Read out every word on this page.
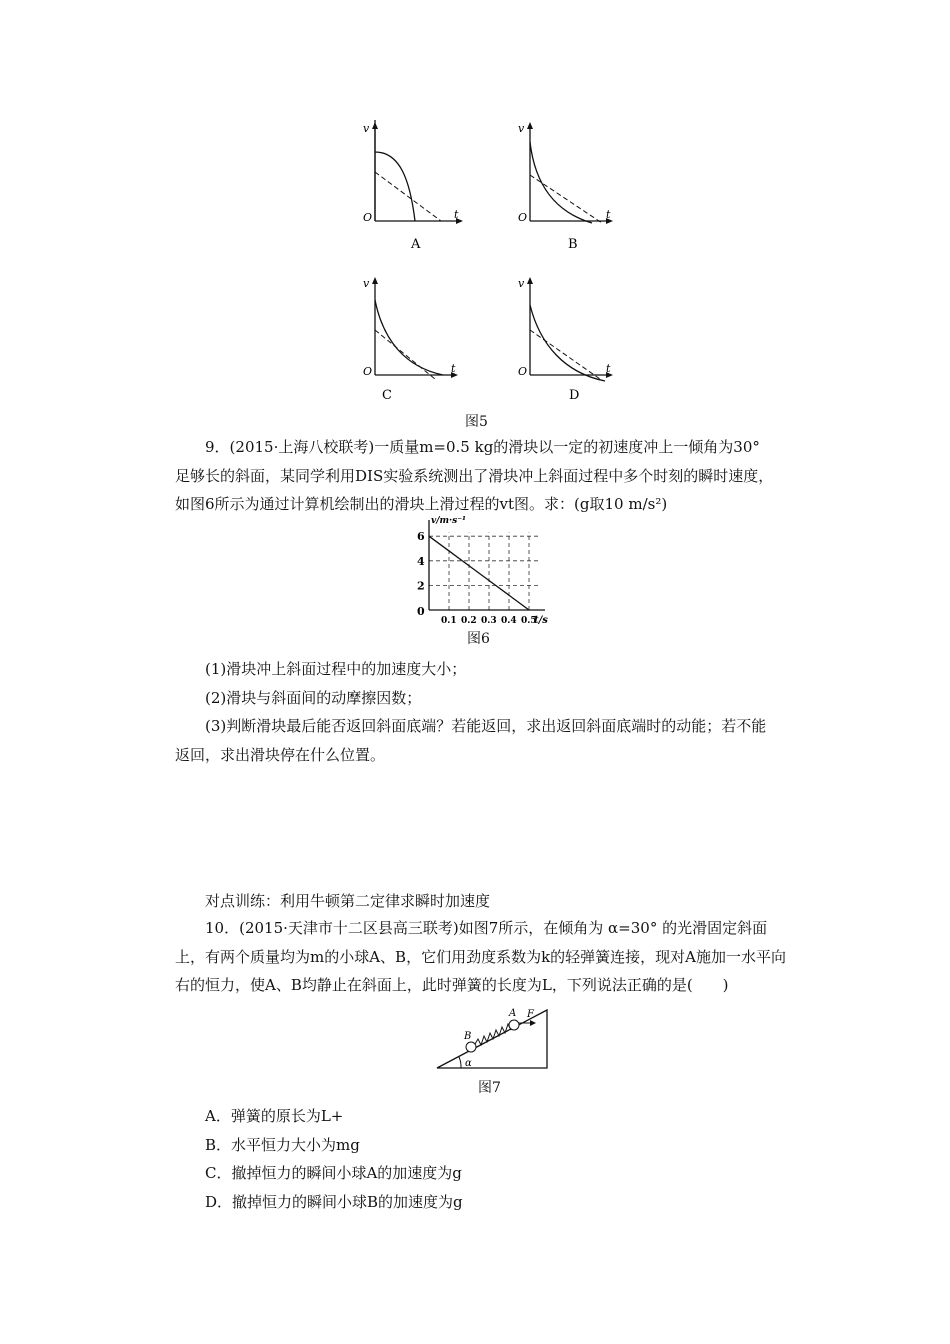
v
t
O
A
v
t
O
B
v
t
O
C
v
t
O
D
图5
9．(2015·上海八校联考)一质量m=0.5 kg的滑块以一定的初速度冲上一倾角为30°
足够长的斜面，某同学利用DIS实验系统测出了滑块冲上斜面过程中多个时刻的瞬时速度，
如图6所示为通过计算机绘制出的滑块上滑过程的vt图。求：(g取10 m/s²)
2
4
6
0
0.1 0.2 0.3 0.4 0.5
v/m·s⁻¹
t/s
图6
(1)滑块冲上斜面过程中的加速度大小；
(2)滑块与斜面间的动摩擦因数；
(3)判断滑块最后能否返回斜面底端？若能返回，求出返回斜面底端时的动能；若不能
返回，求出滑块停在什么位置。
对点训练：利用牛顿第二定律求瞬时加速度
10．(2015·天津市十二区县高三联考)如图7所示，在倾角为 α=30° 的光滑固定斜面
上，有两个质量均为m的小球A、B，它们用劲度系数为k的轻弹簧连接，现对A施加一水平向
右的恒力，使A、B均静止在斜面上，此时弹簧的长度为L，下列说法正确的是(　　)
B
A F
α
图7
A．弹簧的原长为L+
B．水平恒力大小为mg
C．撤掉恒力的瞬间小球A的加速度为g
D．撤掉恒力的瞬间小球B的加速度为g
